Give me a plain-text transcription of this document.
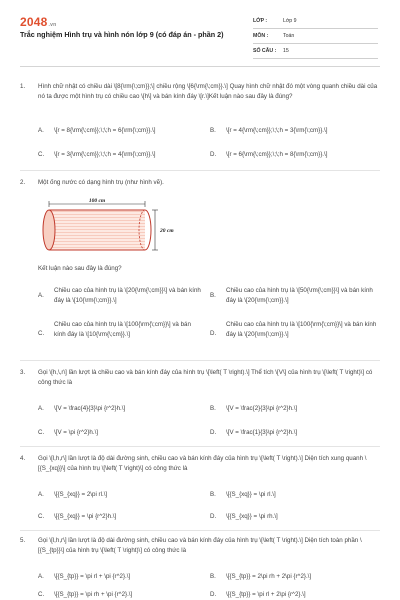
2048.vn
Trắc nghiệm Hình trụ và hình nón lớp 9 (có đáp án - phần 2)
LỚP :	Lớp 9
MÔN :	Toán
SỐ CÂU :	15
1. Hình chữ nhật có chiều dài \[8{\rm{\;cm}};\] chiều rộng \[6{\rm{\;cm}}.\] Quay hình chữ nhật đó một vòng quanh chiều dài của nó ta được một hình trụ có chiều cao \[h\] và bán kính đáy \[r.\]Kết luận nào sau đây là đúng?
A. \[r = 8{\rm{\;cm}};\;\;h = 6{\rm{\;cm}}.\]	B. \[r = 4{\rm{\;cm}};\;\;h = 3{\rm{\;cm}}.\]
C. \[r = 3{\rm{\;cm}};\;\;h = 4{\rm{\;cm}}.\]	D. \[r = 6{\rm{\;cm}};\;\;h = 8{\rm{\;cm}}.\]
2. Một ống nước có dạng hình trụ (như hình vẽ).
100 cm
20 cm
Kết luận nào sau đây là đúng?
A.
Chiều cao của hình trụ là \[20{\rm{\;cm}}\] và bán kính đáy là \[10{\rm{\;cm}}.\]
B.
Chiều cao của hình trụ là \[50{\rm{\;cm}}\] và bán kính đáy là \[20{\rm{\;cm}}.\]
C.
Chiều cao của hình trụ là \[100{\rm{\;cm}}\] và bán kính đáy là \[10{\rm{\;cm}}.\]	D.
Chiều cao của hình trụ là \[100{\rm{\;cm}}\] và bán kính đáy là \[20{\rm{\;cm}}.\]
3. Gọi \[h,\,r\] lần lượt là chiều cao và bán kính đáy của hình trụ \[\left( T \right).\] Thể tích \[V\] của hình trụ \[\left( T \right)\] có công thức là
A. \[V = \frac{4}{3}\pi {r^2}h.\]	B. \[V = \frac{2}{3}\pi {r^2}h.\]
C. \[V = \pi {r^2}h.\]	D. \[V = \frac{1}{3}\pi {r^2}h.\]
4. Gọi \[l,h,r\] lần lượt là độ dài đường sinh, chiều cao và bán kính đáy của hình trụ \[\left( T \right).\] Diện tích xung quanh \[{S_{xq}}\] của hình trụ \[\left( T \right)\] có công thức là
A. \[{S_{xq}} = 2\pi rl.\]	B. \[{S_{xq}} = \pi rl.\]
C. \[{S_{xq}} = \pi {r^2}h.\]	D. \[{S_{xq}} = \pi rh.\]
5. Gọi \[l,h,r\] lần lượt là độ dài đường sinh, chiều cao và bán kính đáy của hình trụ \[\left( T \right).\] Diện tích toàn phần \[{S_{tp}}\] của hình trụ \[\left( T \right)\] có công thức là
A. \[{S_{tp}} = \pi rl + \pi {r^2}.\]	B. \[{S_{tp}} = 2\pi rh + 2\pi {r^2}.\]
C. \[{S_{tp}} = \pi rh + \pi {r^2}.\]	D. \[{S_{tp}} = \pi rl + 2\pi {r^2}.\]
